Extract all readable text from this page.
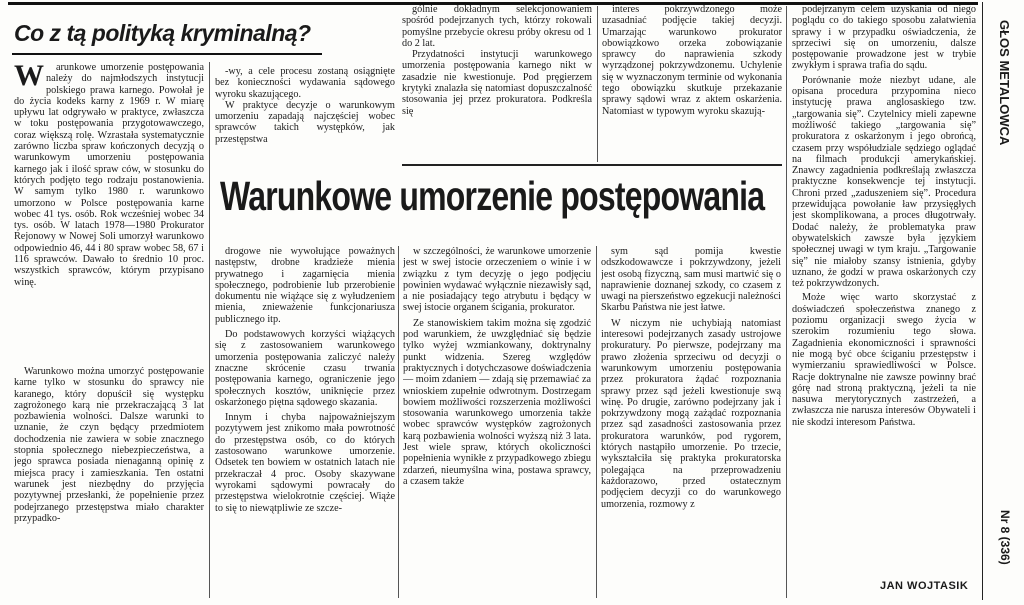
Co z tą polityką kryminalną?
W arunkowe umorzenie postępowania należy do najmłodszych instytucji polskiego prawa karnego. Powołał je do życia kodeks karny z 1969 r. W miarę upływu lat odgrywało w praktyce, zwłaszcza w toku postępowania przygotowawczego, coraz większą rolę. Wzrastała systematycznie zarówno liczba spraw kończonych decyzją o warunkowym umorzeniu postępowania karnego jak i ilość spraw ców, w stosunku do których podjęto tego rodzaju postanowienia. W samym tylko 1980 r. warunkowo umorzono w Polsce postępowania karne wobec 41 tys. osób. Rok wcześniej wobec 34 tys. osób. W latach 1978—1980 Prokurator Rejonowy w Nowej Soli umorzył warunkowo odpowiednio 46, 44 i 80 spraw wobec 58, 67 i 116 sprawców. Dawało to średnio 10 proc. wszystkich sprawców, którym przypisano winę.
Warunkowo można umorzyć postępowanie karne tylko w stosunku do sprawcy nie karanego, który dopuścił się występku zagrożonego karą nie przekraczającą 3 lat pozbawienia wolności. Dalsze warunki to uznanie, że czyn będący przedmiotem dochodzenia nie zawiera w sobie znacznego stopnia społecznego niebezpieczeństwa, a jego sprawca posiada nienaganną opinię z miejsca pracy i zamieszkania. Ten ostatni warunek jest niezbędny do przyjęcia pozytywnej przesłanki, że popełnienie przez podejrzanego przestępstwa miało charakter przypadko-

-wy, a cele procesu zostaną osiągnięte bez konieczności wydawania sądowego wyroku skazującego.

W praktyce decyzje o warunkowym umorzeniu zapadają najczęściej wobec sprawców takich występków, jak przestępstwa

gólnie dokładnym selekcjonowaniem spośród podejrzanych tych, którzy rokowali pomyślne przebycie okresu próby okresu od 1 do 2 lat.

Przydatności instytucji warunkowego umorzenia postępowania karnego nikt w zasadzie nie kwestionuje. Pod pręgierzem krytyki znalazła się natomiast dopuszczalność stosowania jej przez prokuratora. Podkreśla się

interes pokrzywdzonego może uzasadniać podjęcie takiej decyzji. Umarzając warunkowo prokurator obowiązkowo orzeka zobowiązanie sprawcy do naprawienia szkody wyrządzonej pokrzywdzonemu. Uchylenie się w wyznaczonym terminie od wykonania tego obowiązku skutkuje przekazanie sprawy sądowi wraz z aktem oskarżenia. Natomiast w typowym wyroku skazują-
Warunkowe umorzenie postępowania

drogowe nie wywołujące poważnych następstw, drobne kradzieże mienia prywatnego i zagarnięcia mienia społecznego, podrobienie lub przerobienie dokumentu nie wiążące się z wyłudzeniem mienia, znieważenie funkcjonariusza publicznego itp.

Do podstawowych korzyści wiążących się z zastosowaniem warunkowego umorzenia postępowania zaliczyć należy znaczne skrócenie czasu trwania postępowania karnego, ograniczenie jego społecznych kosztów, uniknięcie przez oskarżonego piętna sądowego skazania.

Innym i chyba najpoważniejszym pozytywem jest znikomo mała powrotność do przestępstwa osób, co do których zastosowano warunkowe umorzenie. Odsetek ten bowiem w ostatnich latach nie przekraczał 4 proc. Osoby skazywane wyrokami sądowymi powracały do przestępstwa wielokrotnie częściej. Wiąże to się to niewątpliwie ze szcze-

w szczególności, że warunkowe umorzenie jest w swej istocie orzeczeniem o winie i w związku z tym decyzję o jego podjęciu powinien wydawać wyłącznie niezawisły sąd, a nie posiadający tego atrybutu i będący w swej istocie organem ścigania, prokurator.

Ze stanowiskiem takim można się zgodzić pod warunkiem, że uwzględniać się będzie tylko wyżej wzmiankowany, doktrynalny punkt widzenia. Szereg względów praktycznych i dotychczasowe doświadczenia — moim zdaniem — zdają się przemawiać za wnioskiem zupełnie odwrotnym. Dostrzegam bowiem możliwości rozszerzenia możliwości stosowania warunkowego umorzenia także wobec sprawców występków zagrożonych karą pozbawienia wolności wyższą niż 3 lata. Jest wiele spraw, których okoliczności popełnienia wynikłe z przypadkowego zbiegu zdarzeń, nieumyślna wina, postawa sprawcy, a czasem także

sym sąd pomija kwestie odszkodowawcze i pokrzywdzony, jeżeli jest osobą fizyczną, sam musi martwić się o naprawienie doznanej szkody, co czasem z uwagi na pierszeństwo egzekucji należności Skarbu Państwa nie jest łatwe.

W niczym nie uchybiają natomiast interesowi podejrzanych zasady ustrojowe prokuratury. Po pierwsze, podejrzany ma prawo złożenia sprzeciwu od decyzji o warunkowym umorzeniu postępowania przez prokuratora żądać rozpoznania sprawy przez sąd jeżeli kwestionuje swą winę. Po drugie, zarówno podejrzany jak i pokrzywdzony mogą zażądać rozpoznania przez sąd zasadności zastosowania przez prokuratora warunków, pod rygorem, których nastąpiło umorzenie. Po trzecie, wykształciła się praktyka prokuratorska polegająca na przeprowadzeniu każdorazowo, przed ostatecznym podjęciem decyzji co do warunkowego umorzenia, rozmowy z

podejrzanym celem uzyskania od niego poglądu co do takiego sposobu załatwienia sprawy i w przypadku oświadczenia, że sprzeciwi się on umorzeniu, dalsze postępowanie prowadzone jest w trybie zwykłym i sprawa trafia do sądu.

Porównanie może niezbyt udane, ale opisana procedura przypomina nieco instytucję prawa anglosaskiego tzw. „targowania się”. Czytelnicy mieli zapewne możliwość takiego „targowania się” prokuratora z oskarżonym i jego obrońcą, czasem przy współudziale sędziego oglądać na filmach produkcji amerykańskiej. Znawcy zagadnienia podkreślają zwłaszcza praktyczne konsekwencje tej instytucji. Chroni przed „zaduszeniem się”. Procedura przewidująca powołanie ław przysięgłych jest skomplikowana, a proces długotrwały. Dodać należy, że problematyka praw obywatelskich zawsze była językiem społecznej uwagi w tym kraju. „Targowanie się” nie miałoby szansy istnienia, gdyby uznano, że godzi w prawa oskarżonych czy też pokrzywdzonych.

Może więc warto skorzystać z doświadczeń społeczeństwa znanego z poziomu organizacji swego życia w szerokim rozumieniu tego słowa. Zagadnienia ekonomiczności i sprawności nie mogą być obce ściganiu przestępstw i wymierzaniu sprawiedliwości w Polsce. Racje doktrynalne nie zawsze powinny brać górę nad stroną praktyczną, jeżeli ta nie nasuwa merytorycznych zastrzeżeń, a zwłaszcza nie narusza interesów Obywateli i nie skodzi interesom Państwa.

JAN WOJTASIK
GŁOS METALOWCA
Nr 8 (336)
